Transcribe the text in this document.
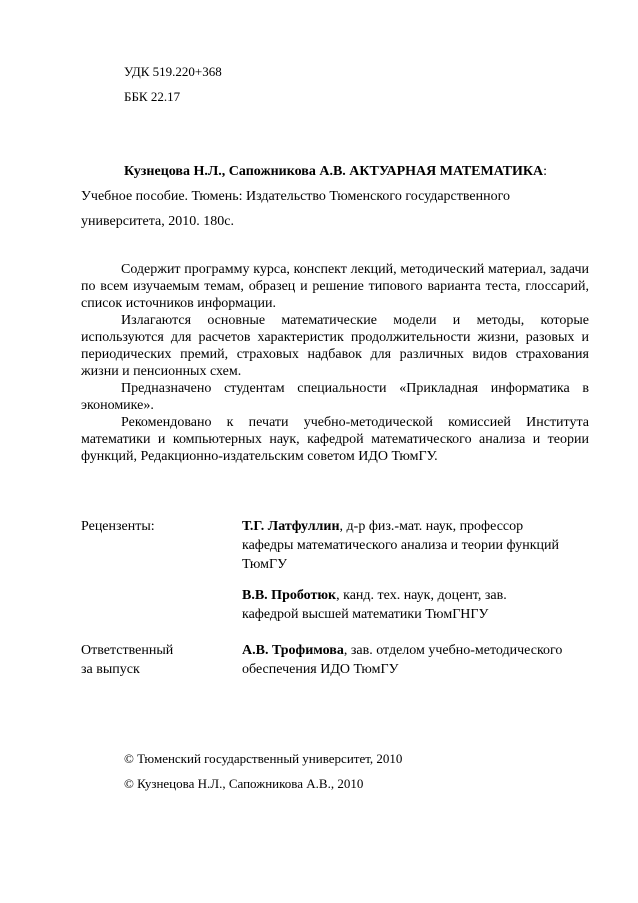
УДК 519.220+368
ББК 22.17
Кузнецова Н.Л., Сапожникова А.В. АКТУАРНАЯ МАТЕМАТИКА:
Учебное пособие. Тюмень: Издательство Тюменского государственного
университета, 2010. 180с.

Содержит программу курса, конспект лекций, методический материал, задачи по всем изучаемым темам, образец и решение типового варианта теста, глоссарий, список источников информации.

Излагаются основные математические модели и методы, которые используются для расчетов характеристик продолжительности жизни, разовых и периодических премий, страховых надбавок для различных видов страхования жизни и пенсионных схем.

Предназначено студентам специальности «Прикладная информатика в экономике».

Рекомендовано к печати учебно-методической комиссией Института математики и компьютерных наук, кафедрой математического анализа и теории функций, Редакционно-издательским советом ИДО ТюмГУ.

Рецензенты:	Т.Г. Латфуллин, д-р физ.-мат. наук, профессор
кафедры математического анализа и теории функций
ТюмГУ
В.В. Проботюк, канд. тех. наук, доцент, зав.
кафедрой высшей математики ТюмГНГУ
Ответственный
за выпуск
А.В. Трофимова, зав. отделом учебно-методического
обеспечения ИДО ТюмГУ
© Тюменский государственный университет, 2010
© Кузнецова Н.Л., Сапожникова А.В., 2010
